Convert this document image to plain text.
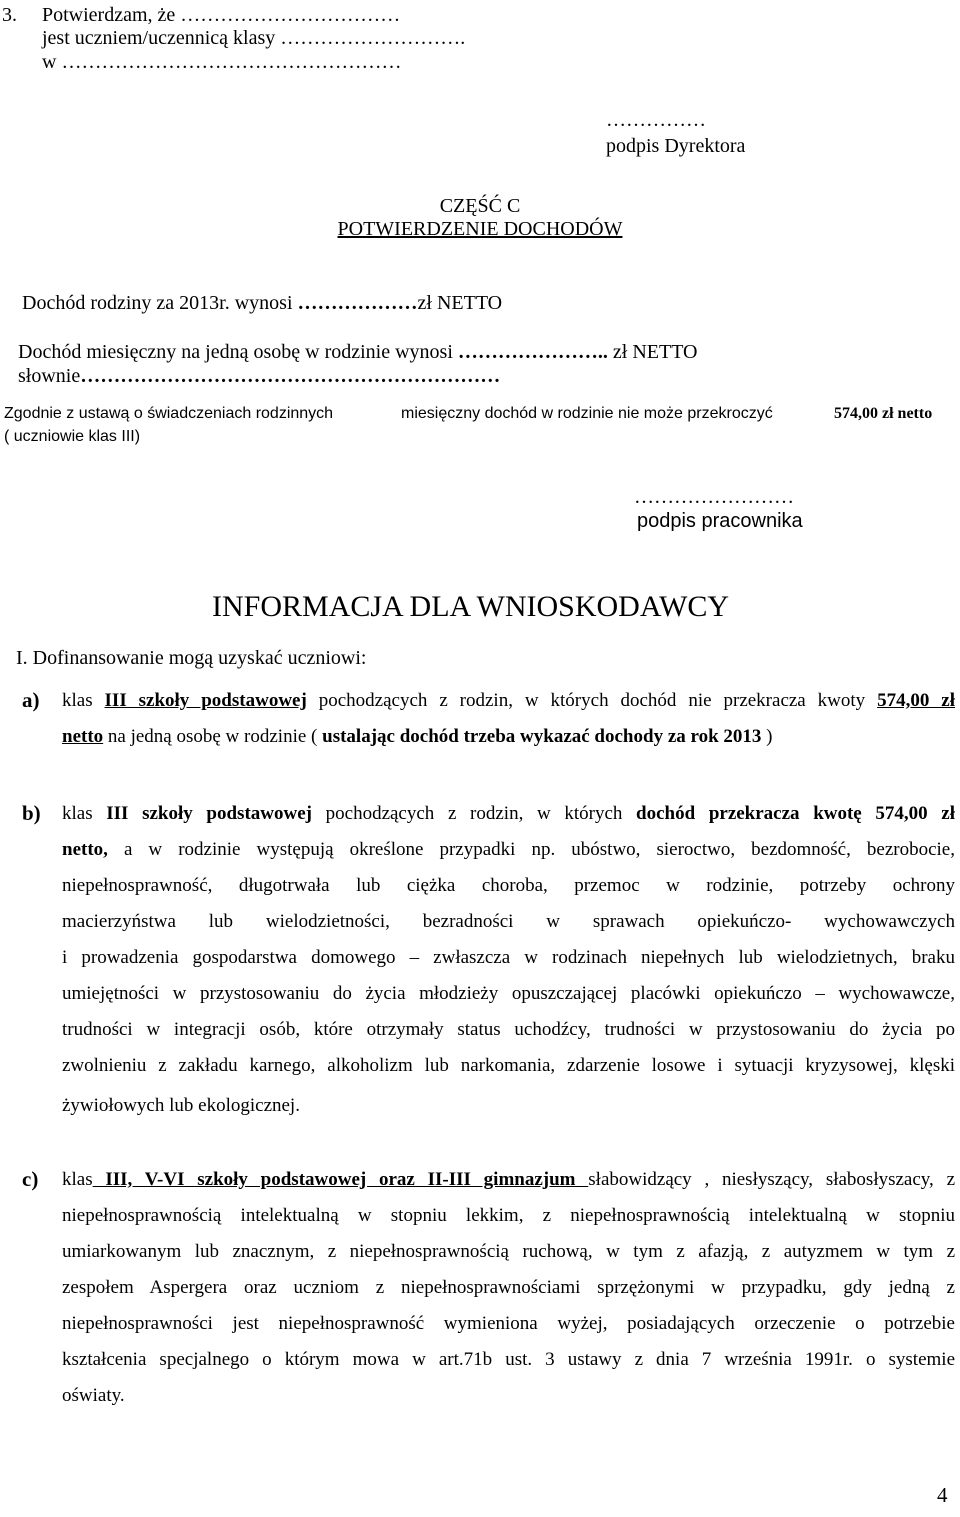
3. Potwierdzam, że ……………………………
jest uczniem/uczennicą klasy ……………………….
w ……………………………………………
……………
podpis Dyrektora
CZĘŚĆ C
POTWIERDZENIE DOCHODÓW
Dochód rodziny za 2013r. wynosi ………………zł NETTO
Dochód miesięczny na jedną osobę w rodzinie wynosi ………………….. zł NETTO
słownie………………………………………………………
Zgodnie z ustawą o świadczeniach rodzinnych	miesięczny dochód w rodzinie nie może przekroczyć	574,00 zł netto
( uczniowie klas III)
……………………
podpis pracownika
INFORMACJA DLA WNIOSKODAWCY
I. Dofinansowanie mogą uzyskać uczniowi:
a) klas III szkoły podstawowej pochodzących z rodzin, w których dochód nie przekracza kwoty 574,00 zł
netto na jedną osobę w rodzinie ( ustalając dochód trzeba wykazać dochody za rok 2013 )
b) klas III szkoły podstawowej pochodzących z rodzin, w których dochód przekracza kwotę 574,00 zł
netto, a w rodzinie występują określone przypadki np. ubóstwo, sieroctwo, bezdomność, bezrobocie,
niepełnosprawność, długotrwała lub ciężka choroba, przemoc w rodzinie, potrzeby ochrony
macierzyństwa lub wielodzietności, bezradności w sprawach opiekuńczo- wychowawczych
i prowadzenia gospodarstwa domowego – zwłaszcza w rodzinach niepełnych lub wielodzietnych, braku
umiejętności w przystosowaniu do życia młodzieży opuszczającej placówki opiekuńczo – wychowawcze,
trudności w integracji osób, które otrzymały status uchodźcy, trudności w przystosowaniu do życia po
zwolnieniu z zakładu karnego, alkoholizm lub narkomania, zdarzenie losowe i sytuacji kryzysowej, klęski
żywiołowych lub ekologicznej.
c) klas III, V-VI szkoły podstawowej oraz II-III gimnazjum słabowidzący , niesłyszący, słabosłyszacy, z
niepełnosprawnością intelektualną w stopniu lekkim, z niepełnosprawnością intelektualną w stopniu
umiarkowanym lub znacznym, z niepełnosprawnością ruchową, w tym z afazją, z autyzmem w tym z
zespołem Aspergera oraz uczniom z niepełnosprawnościami sprzężonymi w przypadku, gdy jedną z
niepełnosprawności jest niepełnosprawność wymieniona wyżej, posiadających orzeczenie o potrzebie
kształcenia specjalnego o którym mowa w art.71b ust. 3 ustawy z dnia 7 września 1991r. o systemie
oświaty.
4
